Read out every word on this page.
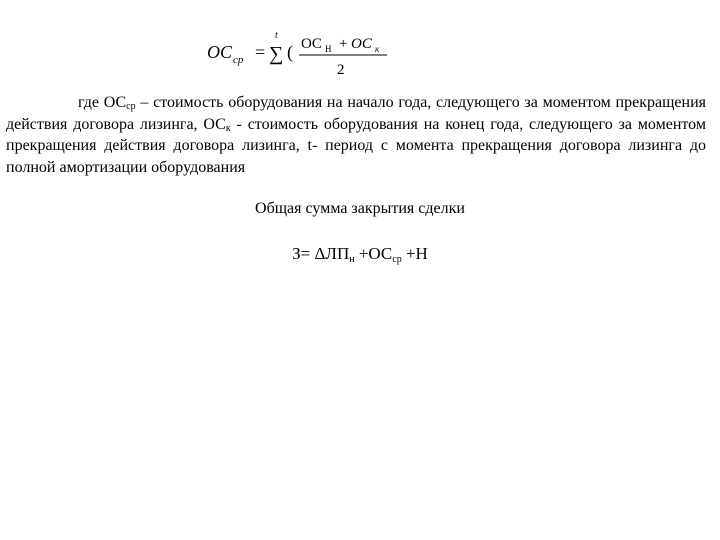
OC cp = ∑
t
( OC Н + OC к
2

где $ОС_{ср}$ – стоимость оборудования на начало года, следующего за моментом прекращения действия договора лизинга, $ОС_к$ - стоимость оборудования на конец года, следующего за моментом прекращения действия договора лизинга, t- период с момента прекращения договора лизинга до полной амортизации оборудования

Общая сумма закрытия сделки

$З= \Delta ЛП_н +ОС_{ср} +Н$
